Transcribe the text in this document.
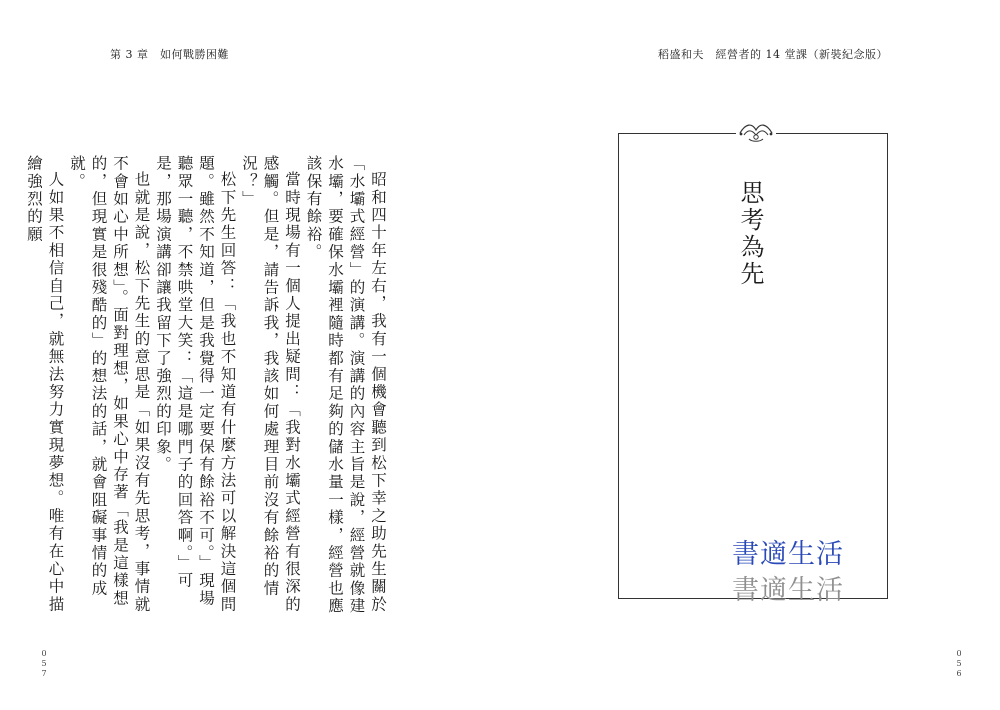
第 3 章　如何戰勝困難	稻盛和夫　經營者的 14 堂課（新裝紀念版）

昭和四十年左右，我有一個機會聽到松下幸之助先生關於「水壩式經營」的演講。演講的內容主旨是說，經營就像建水壩，要確保水壩裡隨時都有足夠的儲水量一樣，經營也應該保有餘裕。

當時現場有一個人提出疑問：「我對水壩式經營有很深的感觸。但是，請告訴我，我該如何處理目前沒有餘裕的情況？」

松下先生回答：「我也不知道有什麼方法可以解決這個問題。雖然不知道，但是我覺得一定要保有餘裕不可。」現場聽眾一聽，不禁哄堂大笑：「這是哪門子的回答啊。」可是，那場演講卻讓我留下了強烈的印象。

也就是說，松下先生的意思是「如果沒有先思考，事情就不會如心中所想」。面對理想，如果心中存著「我是這樣想的，但現實是很殘酷的」的想法的話，就會阻礙事情的成就。

人如果不相信自己，就無法努力實現夢想。唯有在心中描繪強烈的願	思考為先
書適生活
書適生活
0
5
7
0
5
6
